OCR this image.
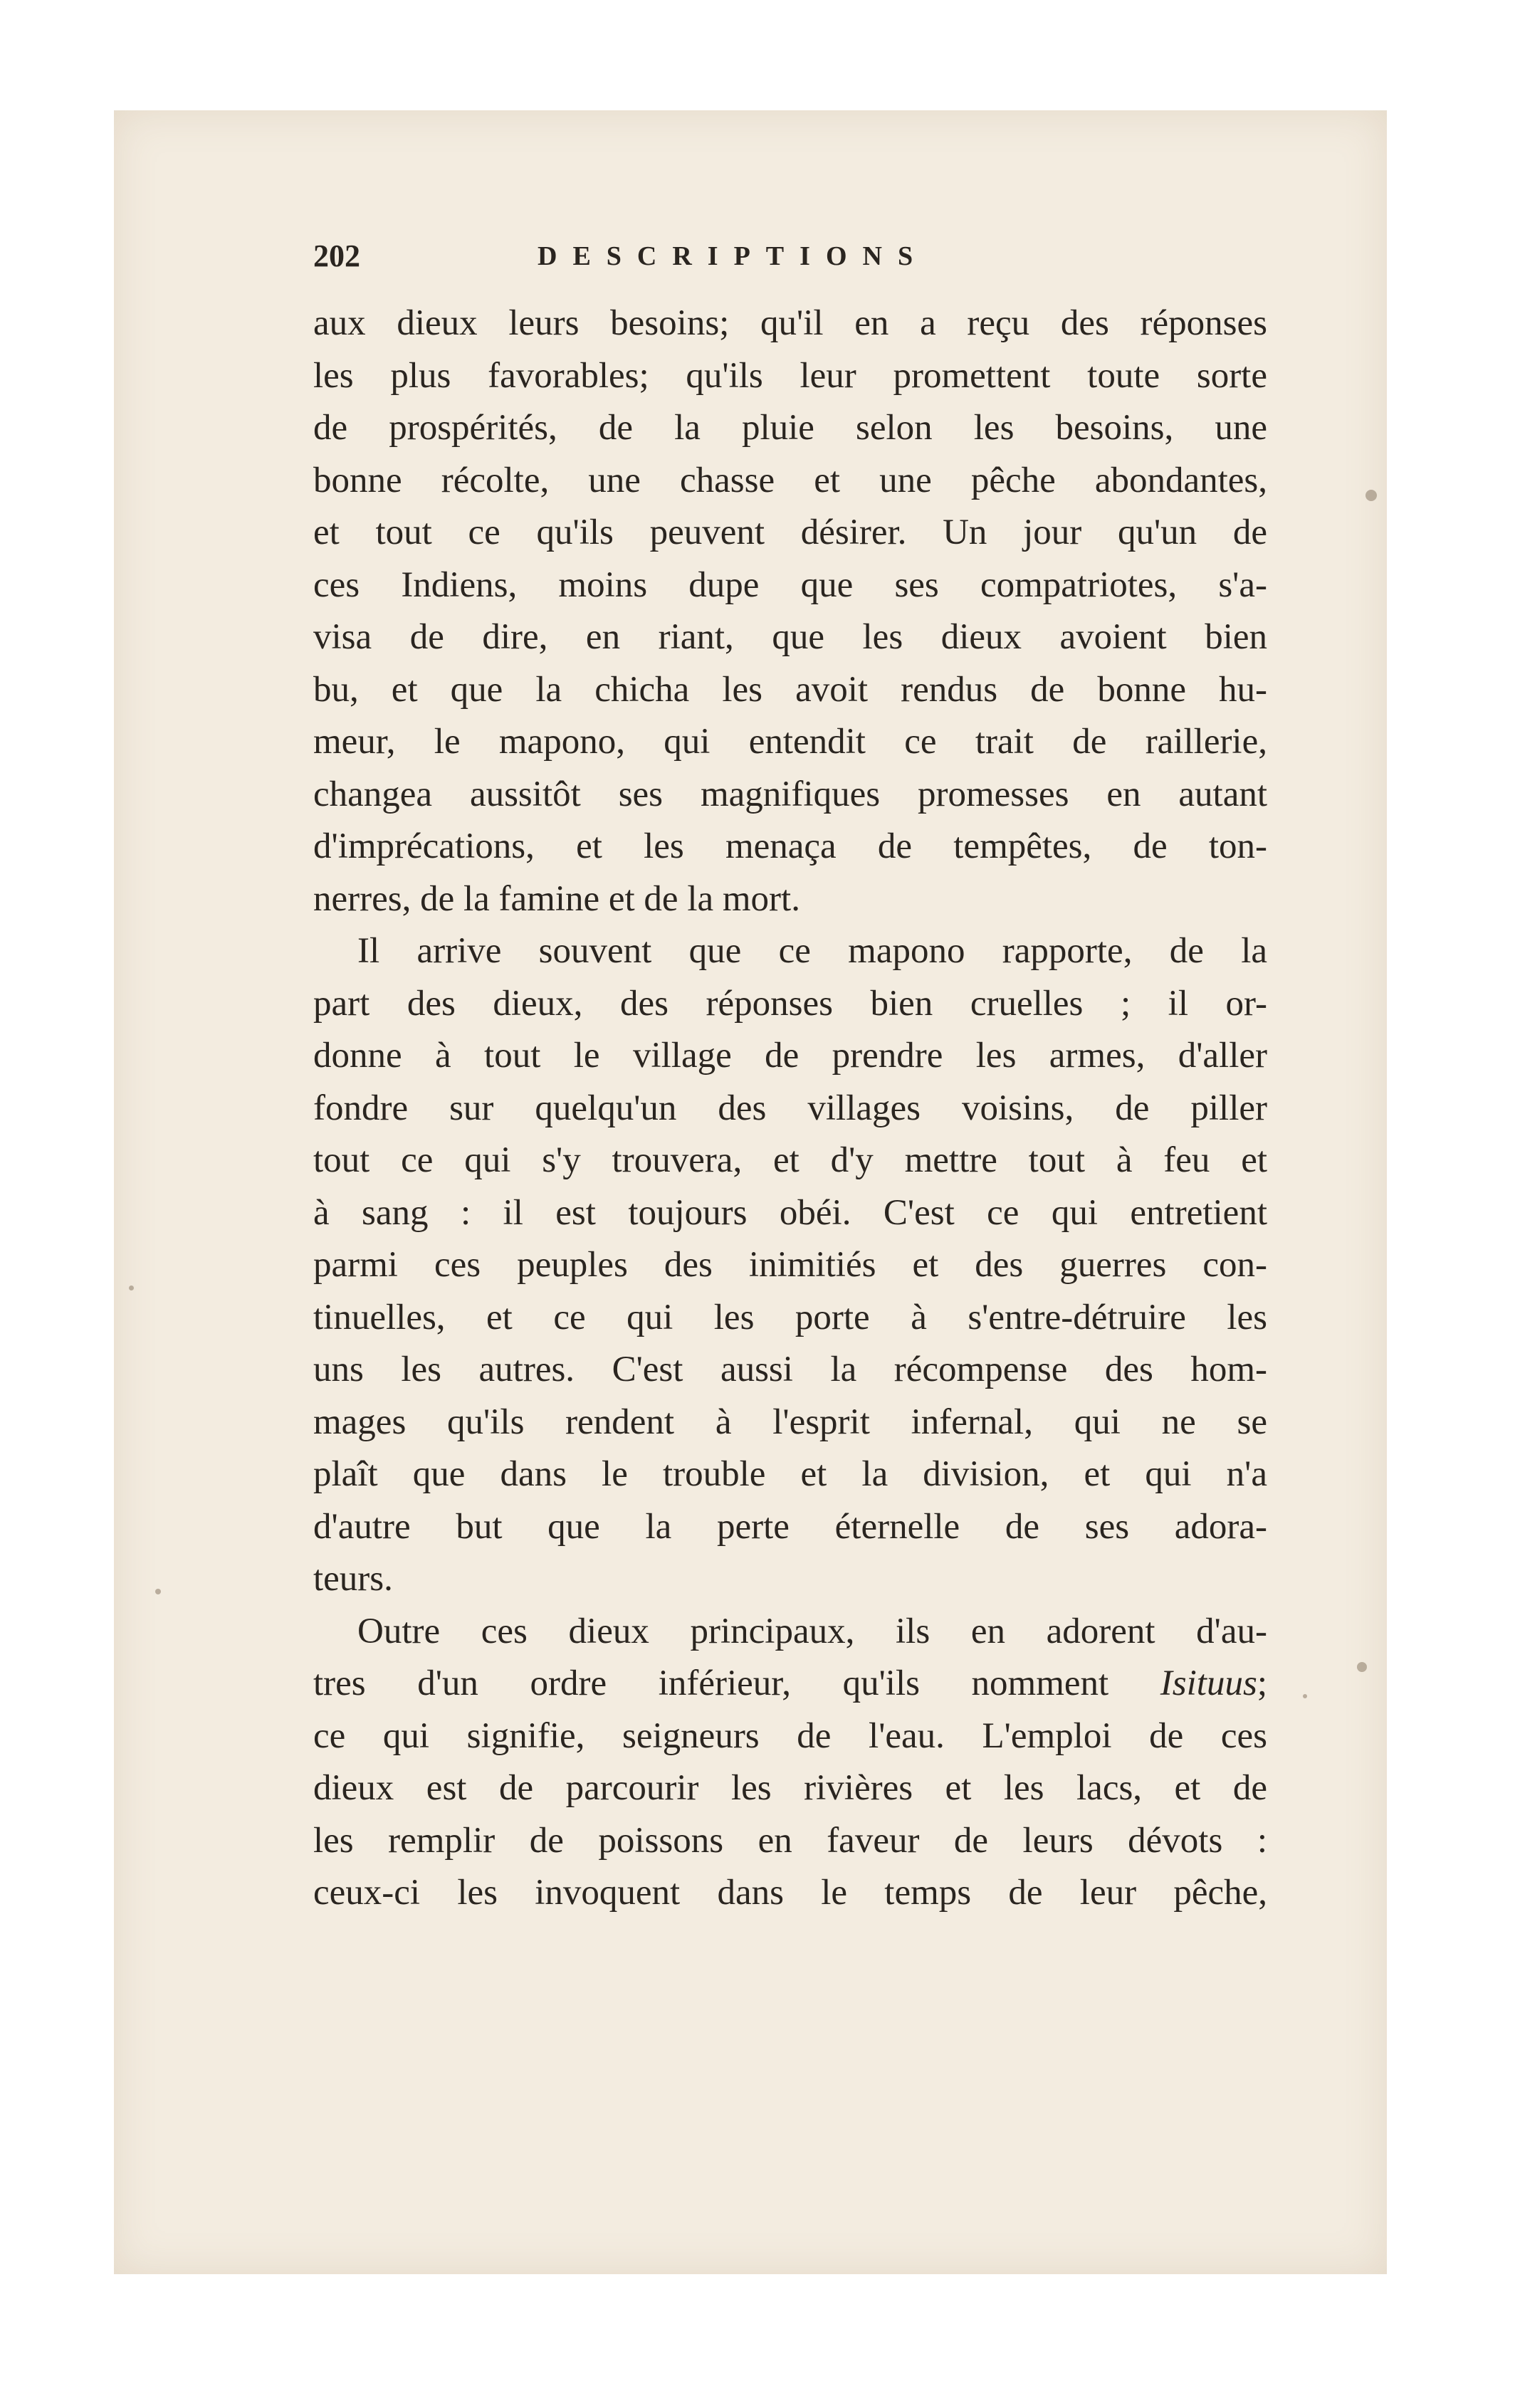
202	DESCRIPTIONS
aux dieux leurs besoins; qu'il en a reçu des réponses
les plus favorables; qu'ils leur promettent toute sorte
de prospérités, de la pluie selon les besoins, une
bonne récolte, une chasse et une pêche abondantes,
et tout ce qu'ils peuvent désirer. Un jour qu'un de
ces Indiens, moins dupe que ses compatriotes, s'a-
visa de dire, en riant, que les dieux avoient bien
bu, et que la chicha les avoit rendus de bonne hu-
meur, le mapono, qui entendit ce trait de raillerie,
changea aussitôt ses magnifiques promesses en autant
d'imprécations, et les menaça de tempêtes, de ton-
nerres, de la famine et de la mort.
Il arrive souvent que ce mapono rapporte, de la
part des dieux, des réponses bien cruelles ; il or-
donne à tout le village de prendre les armes, d'aller
fondre sur quelqu'un des villages voisins, de piller
tout ce qui s'y trouvera, et d'y mettre tout à feu et
à sang : il est toujours obéi. C'est ce qui entretient
parmi ces peuples des inimitiés et des guerres con-
tinuelles, et ce qui les porte à s'entre-détruire les
uns les autres. C'est aussi la récompense des hom-
mages qu'ils rendent à l'esprit infernal, qui ne se
plaît que dans le trouble et la division, et qui n'a
d'autre but que la perte éternelle de ses adora-
teurs.
Outre ces dieux principaux, ils en adorent d'au-
tres d'un ordre inférieur, qu'ils nomment Isituus;
ce qui signifie, seigneurs de l'eau. L'emploi de ces
dieux est de parcourir les rivières et les lacs, et de
les remplir de poissons en faveur de leurs dévots :
ceux-ci les invoquent dans le temps de leur pêche,
